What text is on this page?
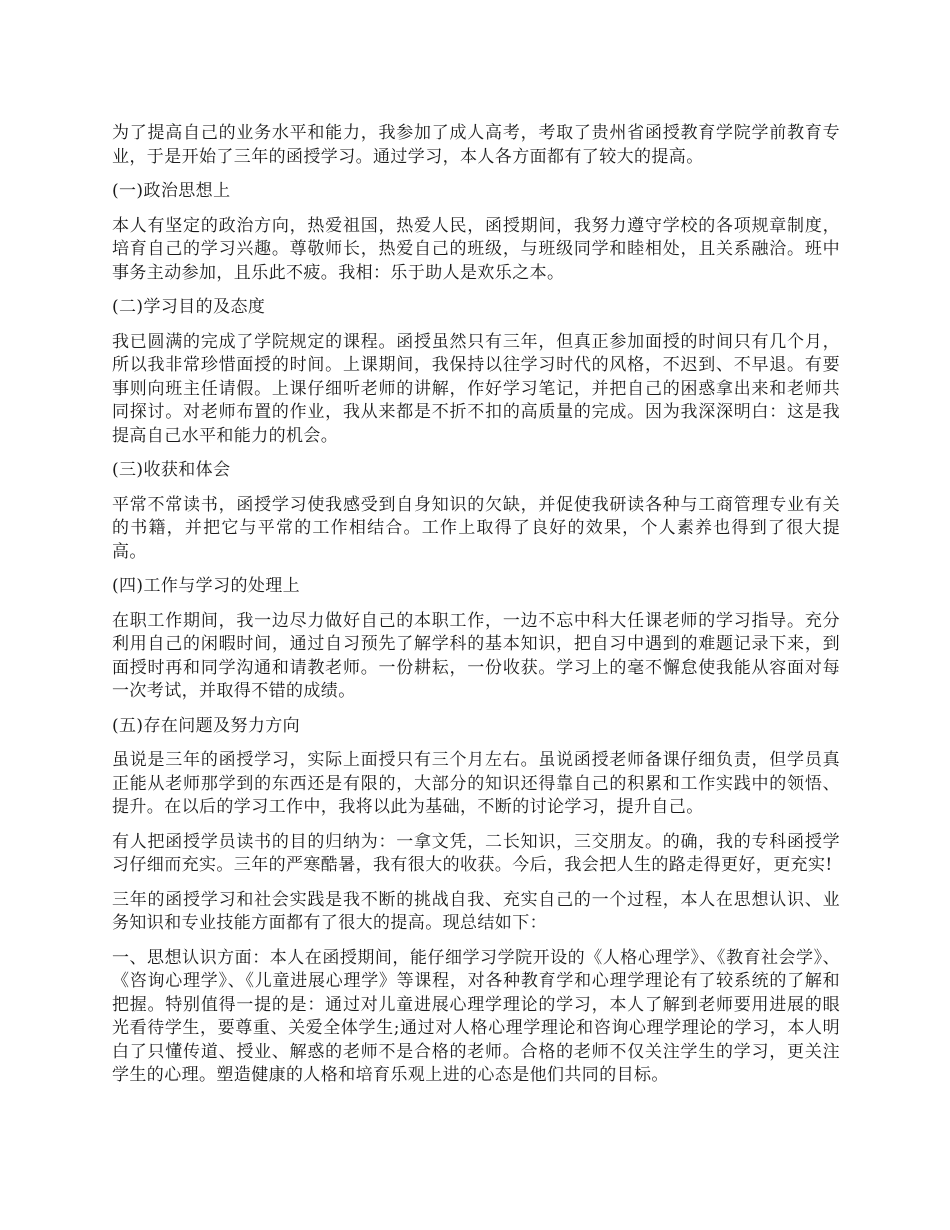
为了提高自己的业务水平和能力，我参加了成人高考，考取了贵州省函授教育学院学前教育专业，于是开始了三年的函授学习。通过学习，本人各方面都有了较大的提高。

(一)政治思想上

本人有坚定的政治方向，热爱祖国，热爱人民，函授期间，我努力遵守学校的各项规章制度，培育自己的学习兴趣。尊敬师长，热爱自己的班级，与班级同学和睦相处，且关系融洽。班中事务主动参加，且乐此不疲。我相：乐于助人是欢乐之本。

(二)学习目的及态度

我已圆满的完成了学院规定的课程。函授虽然只有三年，但真正参加面授的时间只有几个月，所以我非常珍惜面授的时间。上课期间，我保持以往学习时代的风格，不迟到、不早退。有要事则向班主任请假。上课仔细听老师的讲解，作好学习笔记，并把自己的困惑拿出来和老师共同探讨。对老师布置的作业，我从来都是不折不扣的高质量的完成。因为我深深明白：这是我提高自己水平和能力的机会。

(三)收获和体会

平常不常读书，函授学习使我感受到自身知识的欠缺，并促使我研读各种与工商管理专业有关的书籍，并把它与平常的工作相结合。工作上取得了良好的效果，个人素养也得到了很大提高。

(四)工作与学习的处理上

在职工作期间，我一边尽力做好自己的本职工作，一边不忘中科大任课老师的学习指导。充分利用自己的闲暇时间，通过自习预先了解学科的基本知识，把自习中遇到的难题记录下来，到面授时再和同学沟通和请教老师。一份耕耘，一份收获。学习上的毫不懈怠使我能从容面对每一次考试，并取得不错的成绩。

(五)存在问题及努力方向

虽说是三年的函授学习，实际上面授只有三个月左右。虽说函授老师备课仔细负责，但学员真正能从老师那学到的东西还是有限的，大部分的知识还得靠自己的积累和工作实践中的领悟、提升。在以后的学习工作中，我将以此为基础，不断的讨论学习，提升自己。

有人把函授学员读书的目的归纳为：一拿文凭，二长知识，三交朋友。的确，我的专科函授学习仔细而充实。三年的严寒酷暑，我有很大的收获。今后，我会把人生的路走得更好，更充实!

三年的函授学习和社会实践是我不断的挑战自我、充实自己的一个过程，本人在思想认识、业务知识和专业技能方面都有了很大的提高。现总结如下：

一、思想认识方面：本人在函授期间，能仔细学习学院开设的《人格心理学》、《教育社会学》、《咨询心理学》、《儿童进展心理学》等课程，对各种教育学和心理学理论有了较系统的了解和把握。特别值得一提的是：通过对儿童进展心理学理论的学习，本人了解到老师要用进展的眼光看待学生，要尊重、关爱全体学生;通过对人格心理学理论和咨询心理学理论的学习，本人明白了只懂传道、授业、解惑的老师不是合格的老师。合格的老师不仅关注学生的学习，更关注学生的心理。塑造健康的人格和培育乐观上进的心态是他们共同的目标。
